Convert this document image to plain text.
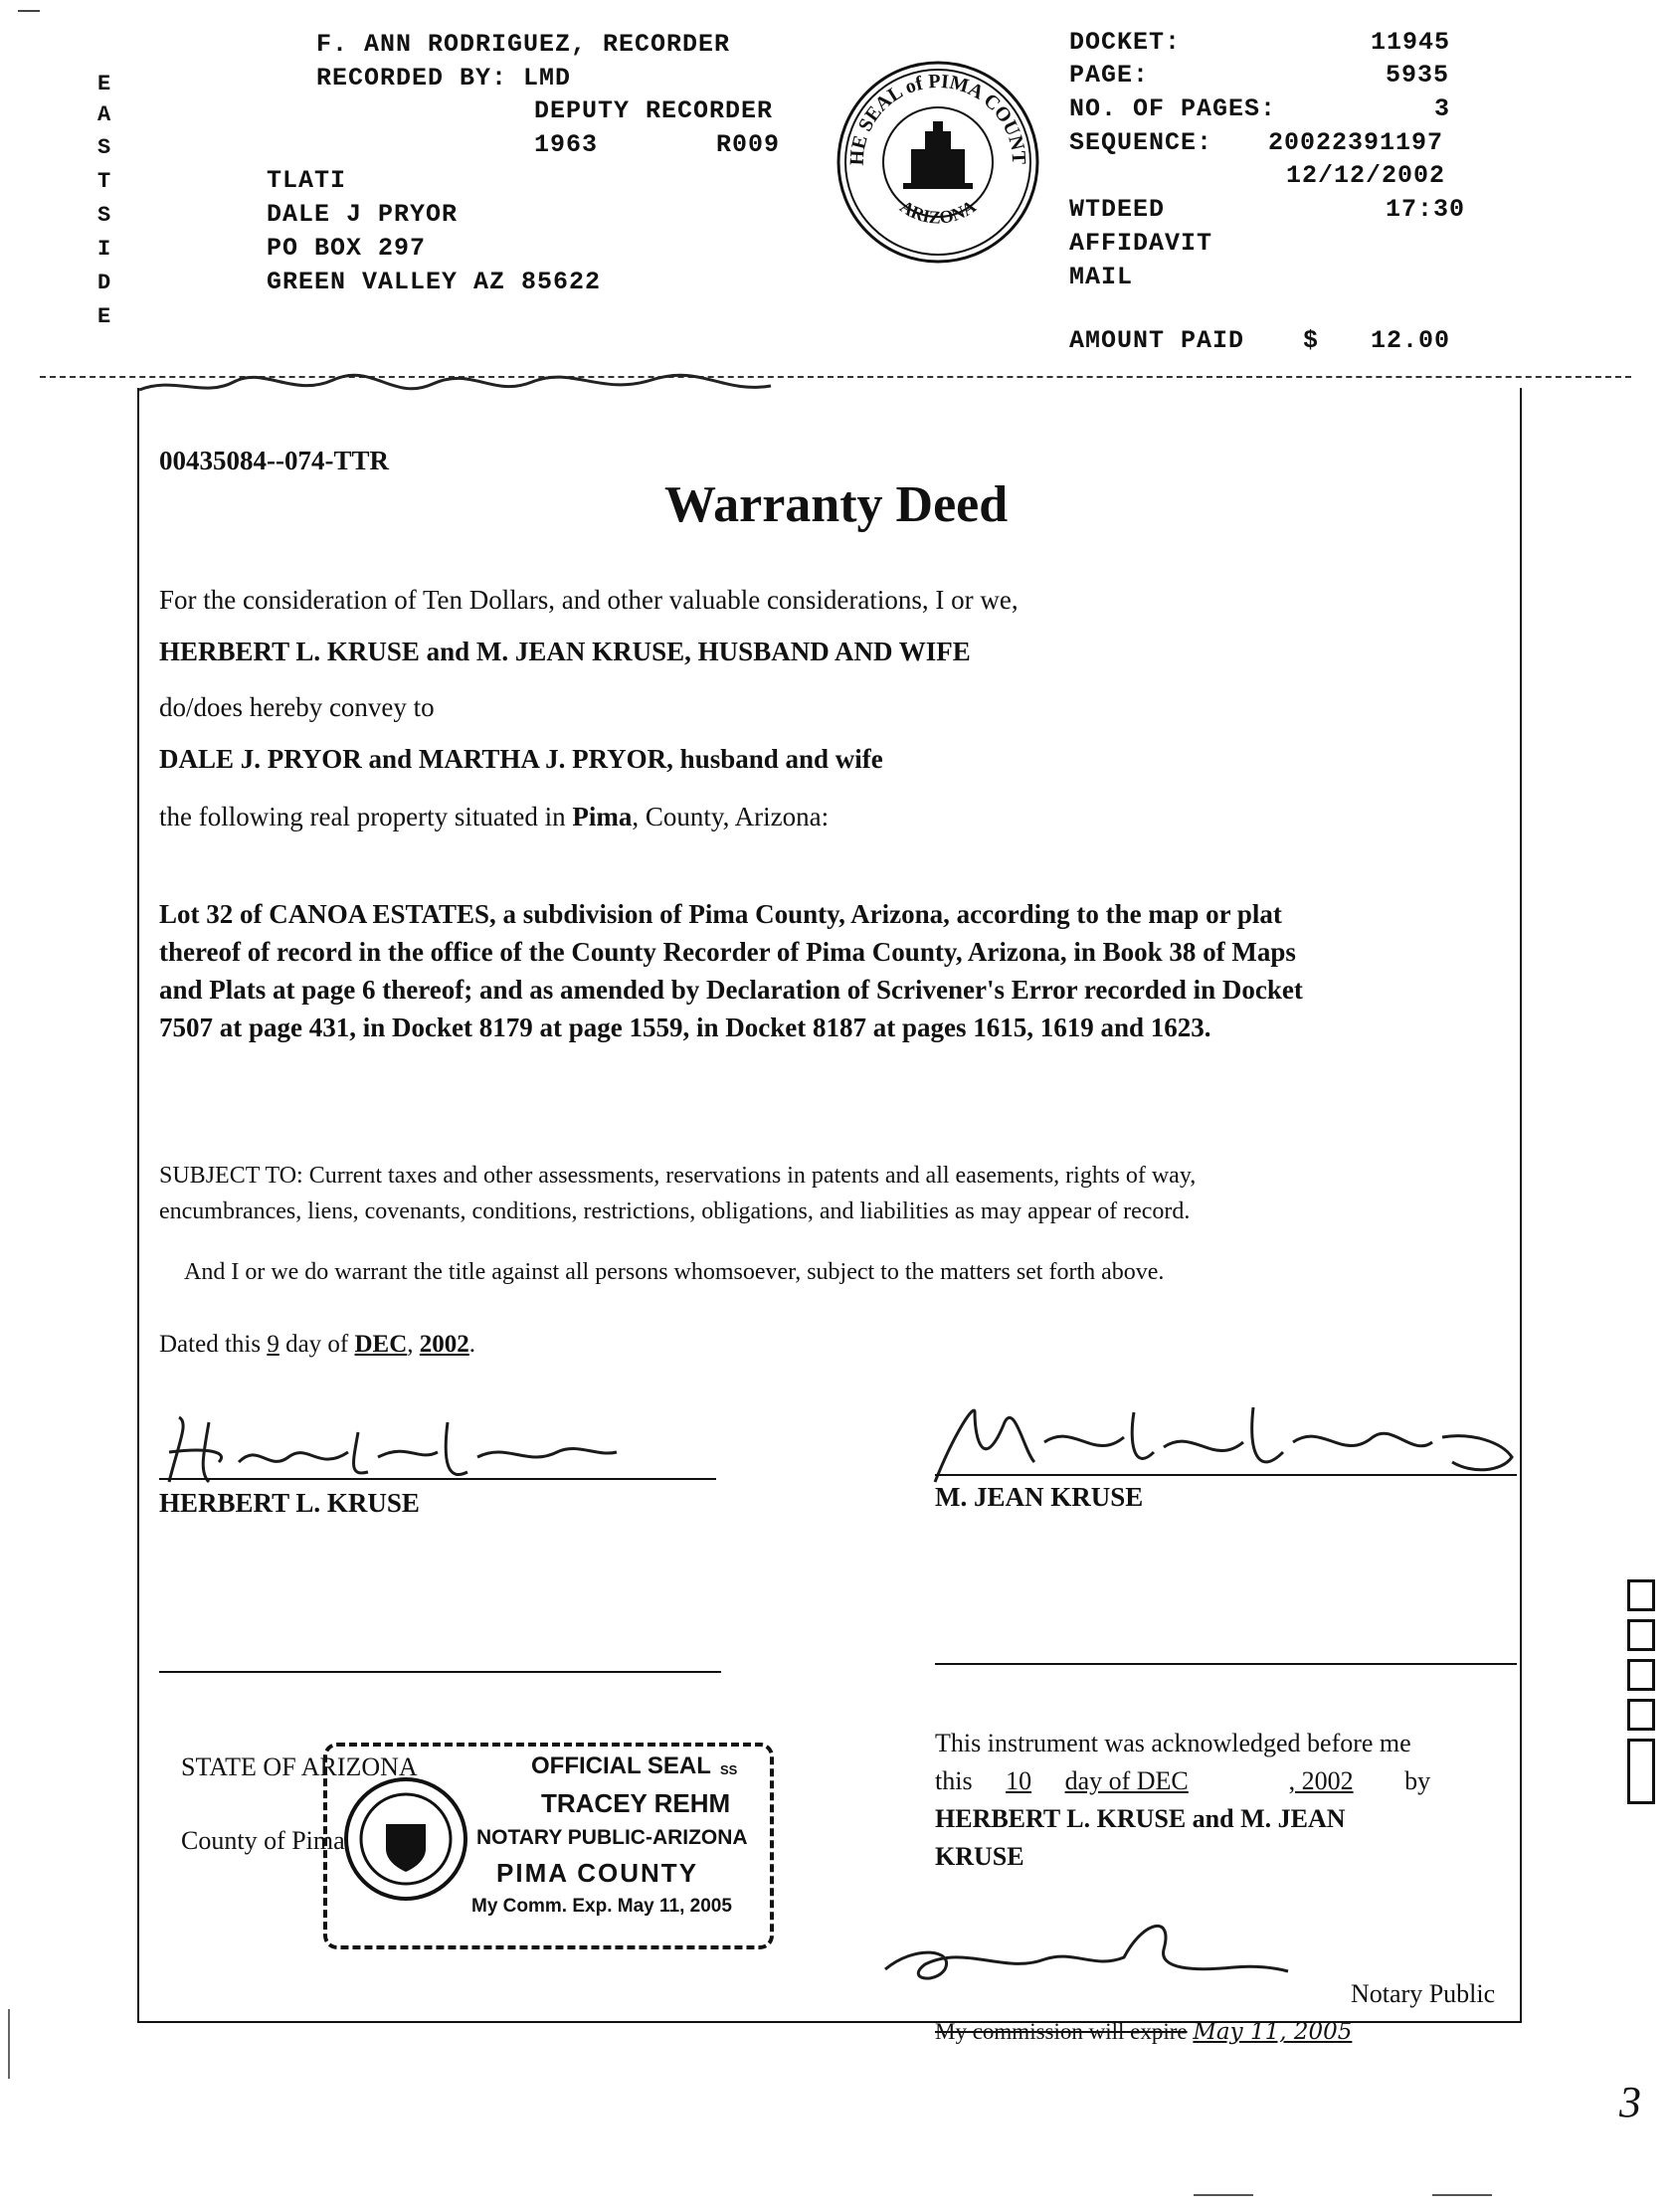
E
A
S
T
S
I
D
E
F. ANN RODRIGUEZ, RECORDER
RECORDED BY: LMD
DEPUTY RECORDER
1963	R009
TLATI
DALE J PRYOR
PO BOX 297
GREEN VALLEY AZ 85622
HE SEAL of PIMA COUNT
ARIZONA
DOCKET:	11945
PAGE:	5935
NO. OF PAGES:	3
SEQUENCE: 20022391197
12/12/2002
WTDEED	17:30
AFFIDAVIT
MAIL
AMOUNT PAID $ 12.00
00435084--074-TTR
Warranty Deed
For the consideration of Ten Dollars, and other valuable considerations, I or we,
HERBERT L. KRUSE and M. JEAN KRUSE, HUSBAND AND WIFE
do/does hereby convey to
DALE J. PRYOR and MARTHA J. PRYOR, husband and wife
the following real property situated in Pima, County, Arizona:
Lot 32 of CANOA ESTATES, a subdivision of Pima County, Arizona, according to the map or plat
thereof of record in the office of the County Recorder of Pima County, Arizona, in Book 38 of Maps
and Plats at page 6 thereof; and as amended by Declaration of Scrivener's Error recorded in Docket
7507 at page 431, in Docket 8179 at page 1559, in Docket 8187 at pages 1615, 1619 and 1623.
SUBJECT TO: Current taxes and other assessments, reservations in patents and all easements, rights of way,
encumbrances, liens, covenants, conditions, restrictions, obligations, and liabilities as may appear of record.
And I or we do warrant the title against all persons whomsoever, subject to the matters set forth above.
Dated this 9 day of DEC, 2002.
HERBERT L. KRUSE	M. JEAN KRUSE
STATE OF ARIZONA
County of Pima
OFFICIAL SEAL SS
TRACEY REHM
NOTARY PUBLIC-ARIZONA
PIMA COUNTY
My Comm. Exp. May 11, 2005
This instrument was acknowledged before me
this 10 day of DEC	, 2002 by
HERBERT L. KRUSE and M. JEAN
KRUSE
Notary Public
My commission will expire May 11, 2005
3
